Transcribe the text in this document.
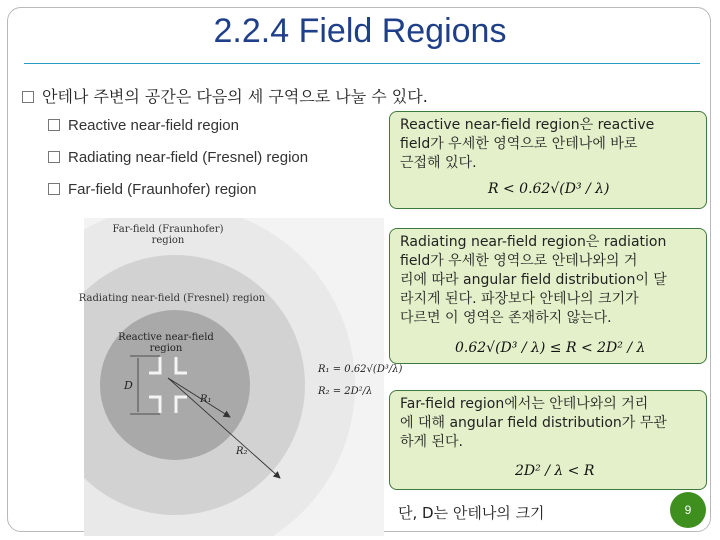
2.2.4 Field Regions
안테나 주변의 공간은 다음의 세 구역으로 나눌 수 있다.
Reactive near-field region
Radiating near-field (Fresnel) region
Far-field (Fraunhofer) region
Far-field (Fraunhofer)
region
Radiating near-field (Fresnel) region
Reactive near-field
region
D
R₁
R₂
R₁ = 0.62√(D³/λ)
R₂ = 2D²/λ
Reactive near-field region은 reactive
field가 우세한 영역으로 안테나에 바로
근접해 있다.
R < 0.62√(D³ / λ)
Radiating near-field region은 radiation
field가 우세한 영역으로 안테나와의 거
리에 따라 angular field distribution이 달
라지게 된다. 파장보다 안테나의 크기가
다르면 이 영역은 존재하지 않는다.
0.62√(D³ / λ) ≤ R < 2D² / λ
Far-field region에서는 안테나와의 거리
에 대해 angular field distribution가 무관
하게 된다.
2D² / λ < R
단, D는 안테나의 크기	9
